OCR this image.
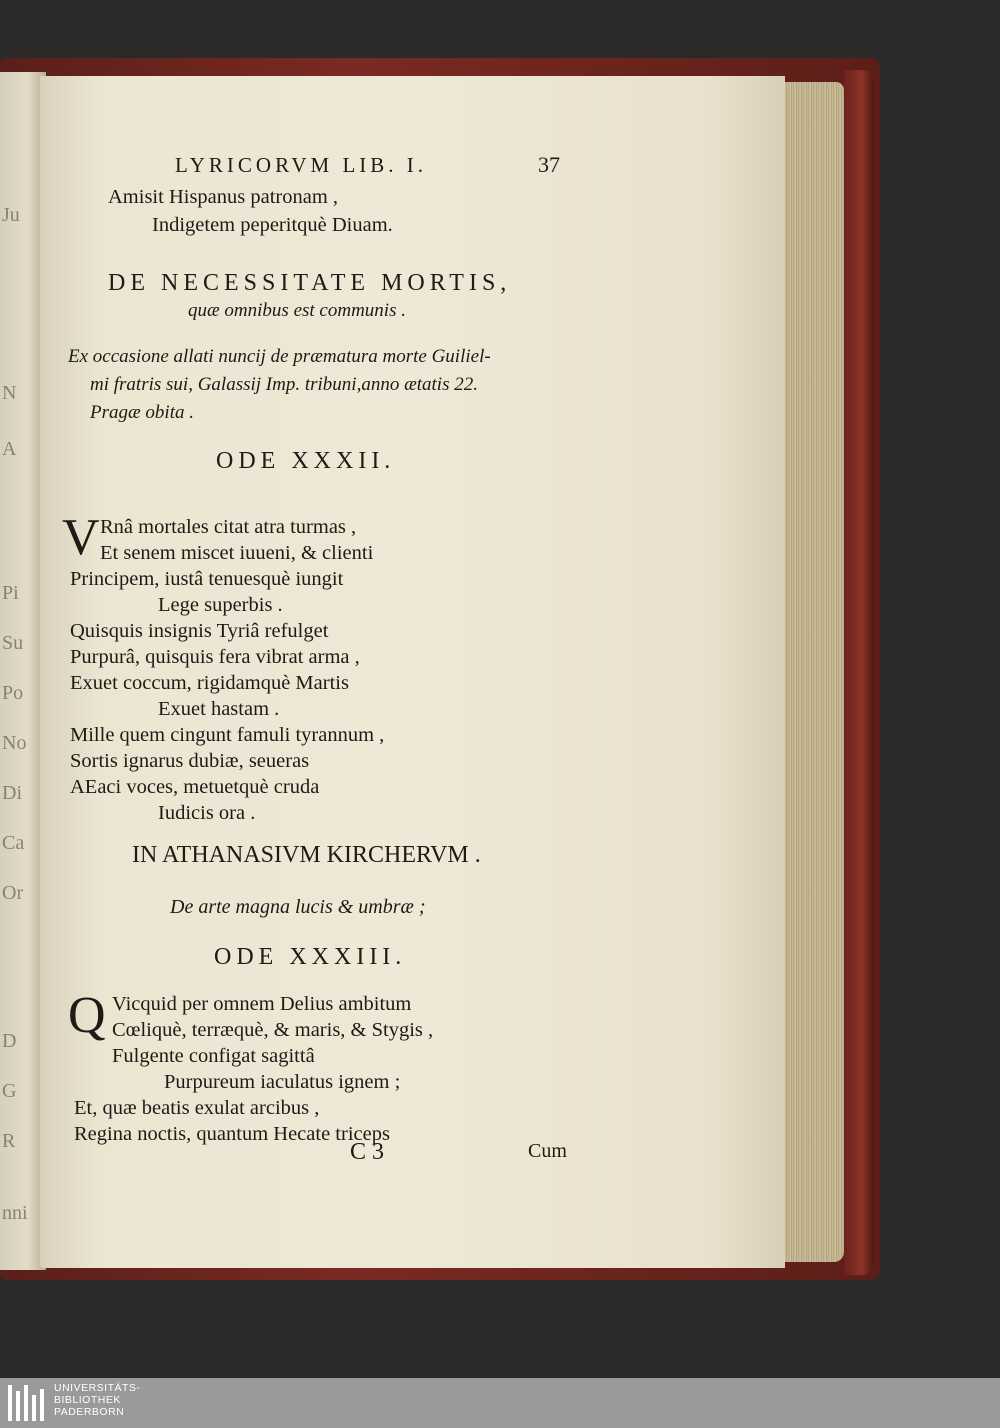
Ju
N
A
Pi
Su
Po
No
Di
Ca
Or
D
G
R
nni
LYRICORVM LIB. I.	37
Amisit Hispanus patronam ,
Indigetem peperitquè Diuam.
DE NECESSITATE MORTIS,
quæ omnibus est communis .
Ex occasione allati nuncij de præmatura morte Guiliel-
mi fratris sui, Galassij Imp. tribuni,anno ætatis 22.
Pragæ obita .
ODE XXXII.
V Rnâ mortales citat atra turmas ,
Et senem miscet iuueni, & clienti
Principem, iustâ tenuesquè iungit
Lege superbis .
Quisquis insignis Tyriâ refulget
Purpurâ, quisquis fera vibrat arma ,
Exuet coccum, rigidamquè Martis
Exuet hastam .
Mille quem cingunt famuli tyrannum ,
Sortis ignarus dubiæ, seueras
AEaci voces, metuetquè cruda
Iudicis ora .
IN ATHANASIVM KIRCHERVM .
De arte magna lucis & umbræ ;
ODE XXXIII.
Q Vicquid per omnem Delius ambitum
Cœliquè, terræquè, & maris, & Stygis ,
Fulgente configat sagittâ
Purpureum iaculatus ignem ;
Et, quæ beatis exulat arcibus ,
Regina noctis, quantum Hecate triceps
C 3	Cum
UNIVERSITÄTS-
BIBLIOTHEK
PADERBORN
